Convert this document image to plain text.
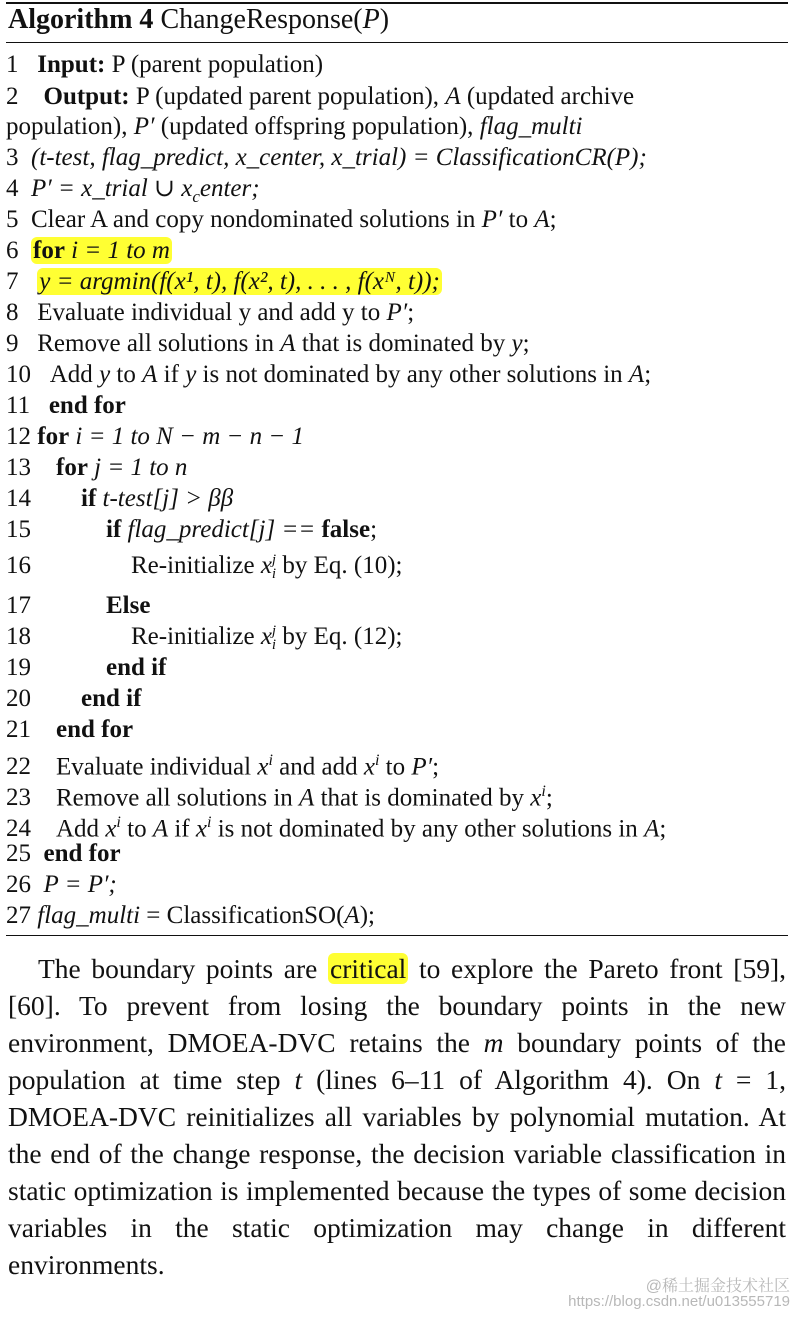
Algorithm 4 ChangeResponse(P)
1 Input: P (parent population)
2 Output: P (updated parent population), A (updated archive
population), P′ (updated offspring population), flag_multi
3 (t-test, flag_predict, x_center, x_trial) = ClassificationCR(P);
4 P′ = x_trial ∪ $x_center$;
5 Clear A and copy nondominated solutions in P′ to A;
6 for i = 1 to m
7 y = argmin(f(x¹, t), f(x², t), . . . , f(xᴺ, t));
8 Evaluate individual y and add y to P′;
9 Remove all solutions in A that is dominated by y;
10 Add y to A if y is not dominated by any other solutions in A;
11 end for
12 for i = 1 to N − m − n − 1
13 for j = 1 to n
14 if t-test[j] > ββ
15	if flag_predict[j] == false;
16	Re-initialize x j
i by Eq. (10);
17	Else
18	Re-initialize x j
i by Eq. (12);
19	end if
20 end if
21 end for
22 Evaluate individual $x^i$ and add $x^i$ to P′;
23 Remove all solutions in A that is dominated by $x^i$;
24 Add $x^i$ to A if $x^i$ is not dominated by any other solutions in A;
25 end for
26 P = P′;
27 flag_multi = ClassificationSO(A);

The boundary points are critical to explore the Pareto front [59], [60]. To prevent from losing the boundary points in the new environment, DMOEA-DVC retains the m boundary points of the population at time step t (lines 6–11 of Algorithm 4). On t = 1, DMOEA-DVC reinitializes all variables by polynomial mutation. At the end of the change response, the decision variable classification in static optimization is implemented because the types of some decision variables in the static optimization may change in different environments.

@稀土掘金技术社区
https://blog.csdn.net/u013555719
